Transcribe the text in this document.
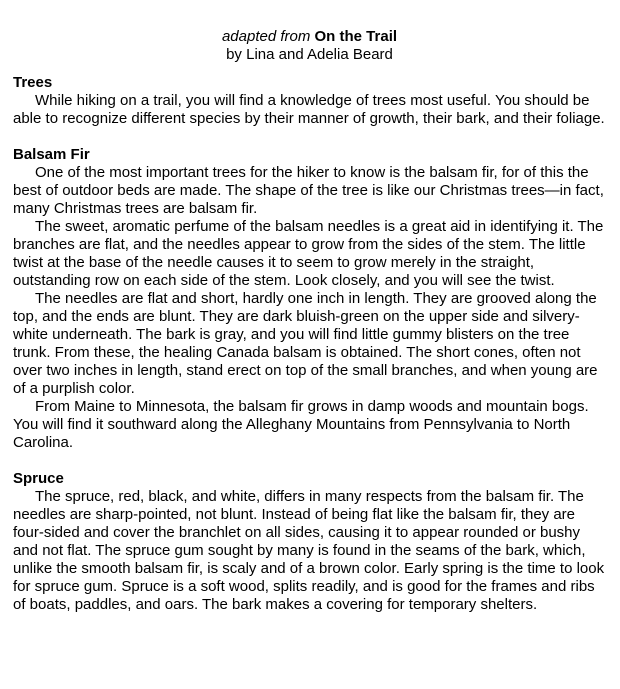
adapted from On the Trail
by Lina and Adelia Beard
Trees

While hiking on a trail, you will find a knowledge of trees most useful. You should be able to recognize different species by their manner of growth, their bark, and their foliage.

Balsam Fir

One of the most important trees for the hiker to know is the balsam fir, for of this the best of outdoor beds are made. The shape of the tree is like our Christmas trees—in fact, many Christmas trees are balsam fir.

The sweet, aromatic perfume of the balsam needles is a great aid in identifying it. The branches are flat, and the needles appear to grow from the sides of the stem. The little twist at the base of the needle causes it to seem to grow merely in the straight, outstanding row on each side of the stem. Look closely, and you will see the twist.

The needles are flat and short, hardly one inch in length. They are grooved along the top, and the ends are blunt. They are dark bluish-green on the upper side and silvery-white underneath. The bark is gray, and you will find little gummy blisters on the tree trunk. From these, the healing Canada balsam is obtained. The short cones, often not over two inches in length, stand erect on top of the small branches, and when young are of a purplish color.

From Maine to Minnesota, the balsam fir grows in damp woods and mountain bogs. You will find it southward along the Alleghany Mountains from Pennsylvania to North Carolina.

Spruce

The spruce, red, black, and white, differs in many respects from the balsam fir. The needles are sharp-pointed, not blunt. Instead of being flat like the balsam fir, they are four-sided and cover the branchlet on all sides, causing it to appear rounded or bushy and not flat. The spruce gum sought by many is found in the seams of the bark, which, unlike the smooth balsam fir, is scaly and of a brown color. Early spring is the time to look for spruce gum. Spruce is a soft wood, splits readily, and is good for the frames and ribs of boats, paddles, and oars. The bark makes a covering for temporary shelters.
